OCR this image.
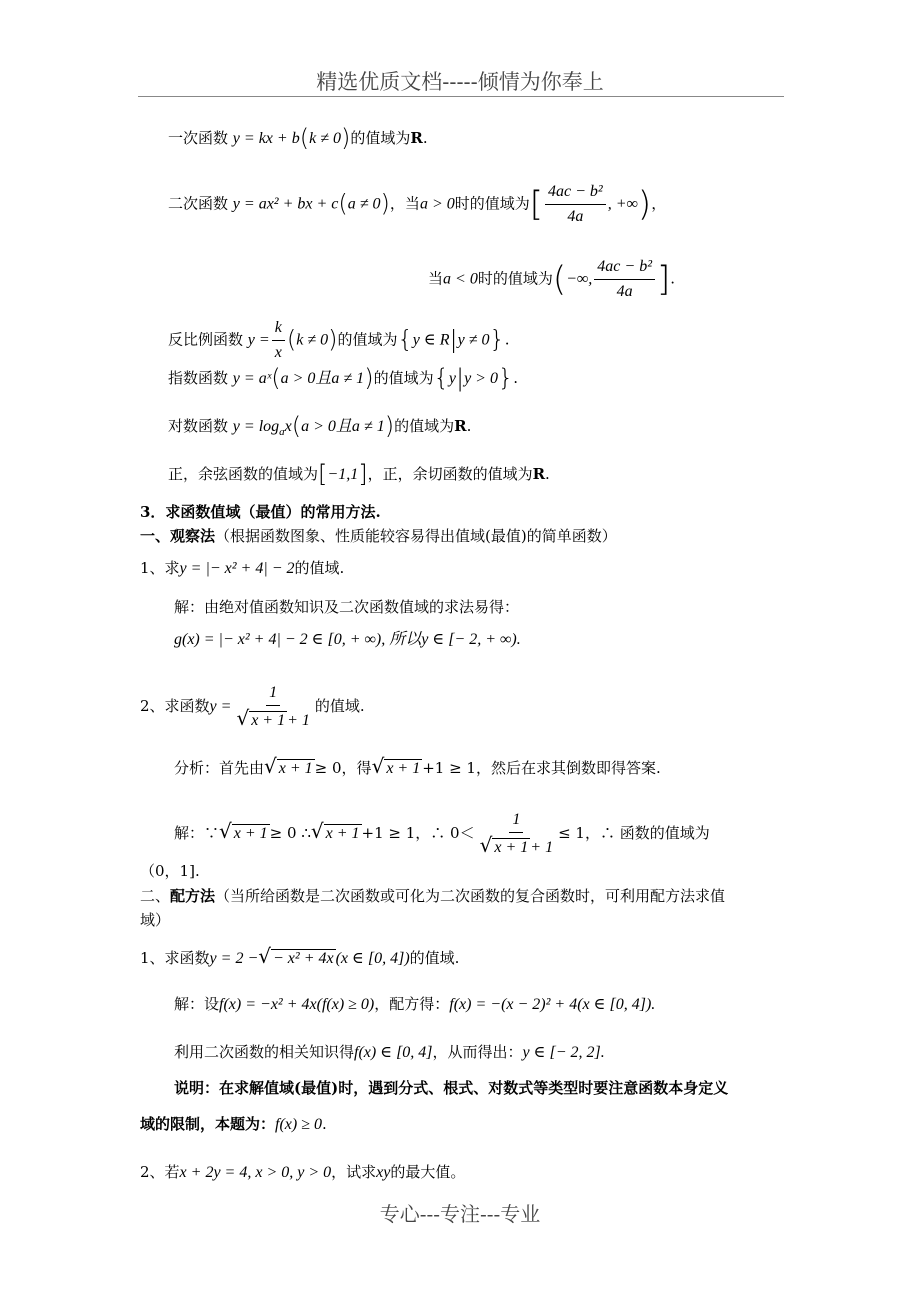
精选优质文档-----倾情为你奉上
一次函数 y = kx + b(k ≠ 0)的值域为R.
二次函数 y = ax² + bx + c(a ≠ 0)，当a > 0时的值域为[ $\frac{\text{4ac − b²}}{4a}$ , +∞)，
当a < 0时的值域为(−∞, $\frac{\text{4ac − b²}}{4a}$ ].
反比例函数 $y = \frac{k}{x} (k \ne 0)$的值域为{y ∈ R|y ≠ 0}.
指数函数 y = aˣ(a > 0且a ≠ 1)的值域为{y|y > 0}.
对数函数 $y = \log_ax(a > 0$且a ≠ 1)的值域为R.
正，余弦函数的值域为[−1,1]，正，余切函数的值域为R.
3．求函数值域（最值）的常用方法.
一、观察法（根据函数图象、性质能较容易得出值域(最值)的简单函数）
1、求y = |− x² + 4| − 2的值域.
解：由绝对值函数知识及二次函数值域的求法易得：
g(x) = |− x² + 4| − 2 ∈ [0, + ∞), 所以y ∈ [− 2, + ∞).
2、求函数$y = \frac{1}{√ x + 1 + 1}$ 的值域.
分析：首先由√ x + 1 ≥ 0，得√ x + 1 +1 ≥ 1，然后在求其倒数即得答案.
解：∵√ x + 1 ≥ 0 ∴√ x + 1 +1 ≥ 1，∴ $0< \frac{1}{√ x + 1 + 1} \le 1$，∴ 函数的值域为
（0，1].
二、配方法（当所给函数是二次函数或可化为二次函数的复合函数时，可利用配方法求值
域）
1、求函数y = 2 −√ − x² + 4x (x ∈ [0, 4])的值域.
解：设f(x) = −x² + 4x(f(x) ≥ 0)，配方得：f(x) = −(x − 2)² + 4(x ∈ [0, 4]).
利用二次函数的相关知识得f(x) ∈ [0, 4]，从而得出：y ∈ [− 2, 2].
说明：在求解值域(最值)时，遇到分式、根式、对数式等类型时要注意函数本身定义
域的限制，本题为：f(x) ≥ 0.
2、若x + 2y = 4, x > 0, y > 0，试求xy的最大值。
专心---专注---专业
